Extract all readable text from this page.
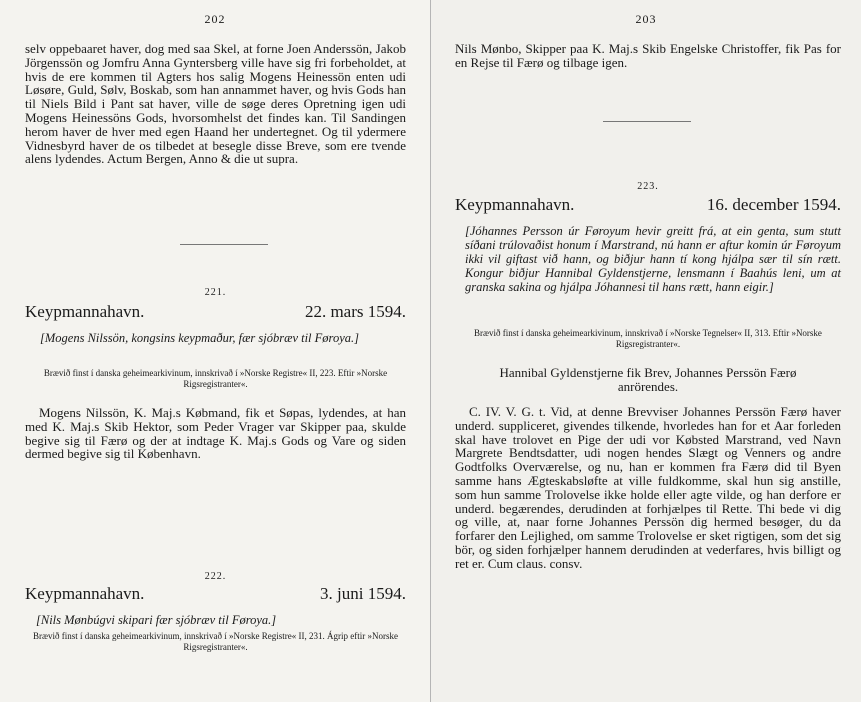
202

selv oppebaaret haver, dog med saa Skel, at forne Joen Anderssön, Jakob Jörgenssön og Jomfru Anna Gyntersberg ville have sig fri forbeholdet, at hvis de ere kommen til Agters hos salig Mogens Heinessön enten udi Løsøre, Guld, Sølv, Boskab, som han annammet haver, og hvis Gods han til Niels Bild i Pant sat haver, ville de søge deres Opretning igen udi Mogens Heinessöns Gods, hvorsomhelst det findes kan. Til Sandingen herom haver de hver med egen Haand her undertegnet. Og til ydermere Vidnesbyrd haver de os tilbedet at besegle disse Breve, som ere tvende alens lydendes. Actum Bergen, Anno & die ut supra.

221.
Keypmannahavn.	22. mars 1594.

[Mogens Nilssön, kongsins keypmaður, fær sjóbræv til Føroya.]

Brævið finst í danska geheimearkivinum, innskrivað í »Norske Registre« II, 223. Eftir »Norske Rigsregistranter«.

Mogens Nilssön, K. Maj.s Købmand, fik et Søpas, lydendes, at han med K. Maj.s Skib Hektor, som Peder Vrager var Skipper paa, skulde begive sig til Færø og der at indtage K. Maj.s Gods og Vare og siden dermed begive sig til København.

222.
Keypmannahavn.	3. juni 1594.

[Nils Mønbúgvi skipari fær sjóbræv til Føroya.]

Brævið finst í danska geheimearkivinum, innskrivað í »Norske Registre« II, 231. Ágrip eftir »Norske Rigsregistranter«.

203

Nils Mønbo, Skipper paa K. Maj.s Skib Engelske Christoffer, fik Pas for en Rejse til Færø og tilbage igen.

223.
Keypmannahavn.	16. december 1594.

[Jóhannes Persson úr Føroyum hevir greitt frá, at ein genta, sum stutt síðani trúlovaðist honum í Marstrand, nú hann er aftur komin úr Føroyum ikki vil giftast við hann, og biðjur hann tí kong hjálpa sær til sín rætt. Kongur biðjur Hannibal Gyldenstjerne, lensmann í Baahús leni, um at granska sakina og hjálpa Jóhannesi til hans rætt, hann eigir.]

Brævið finst í danska geheimearkivinum, innskrivað í »Norske Tegnelser« II, 313. Eftir »Norske Rigsregistranter«.

Hannibal Gyldenstjerne fik Brev, Johannes Perssön Færø anrörendes.

C. IV. V. G. t. Vid, at denne Brevviser Johannes Perssön Færø haver underd. suppliceret, givendes tilkende, hvorledes han for et Aar forleden skal have trolovet en Pige der udi vor Købsted Marstrand, ved Navn Margrete Bendtsdatter, udi nogen hendes Slægt og Venners og andre Godtfolks Overværelse, og nu, han er kommen fra Færø did til Byen samme hans Ægteskabsløfte at ville fuldkomme, skal hun sig anstille, som hun samme Trolovelse ikke holde eller agte vilde, og han derfore er underd. begærendes, derudinden at forhjælpes til Rette. Thi bede vi dig og ville, at, naar forne Johannes Perssön dig hermed besøger, du da forfarer den Lejlighed, om samme Trolovelse er sket rigtigen, som det sig bör, og siden forhjælper hannem derudinden at vederfares, hvis billigt og ret er. Cum claus. consv.
